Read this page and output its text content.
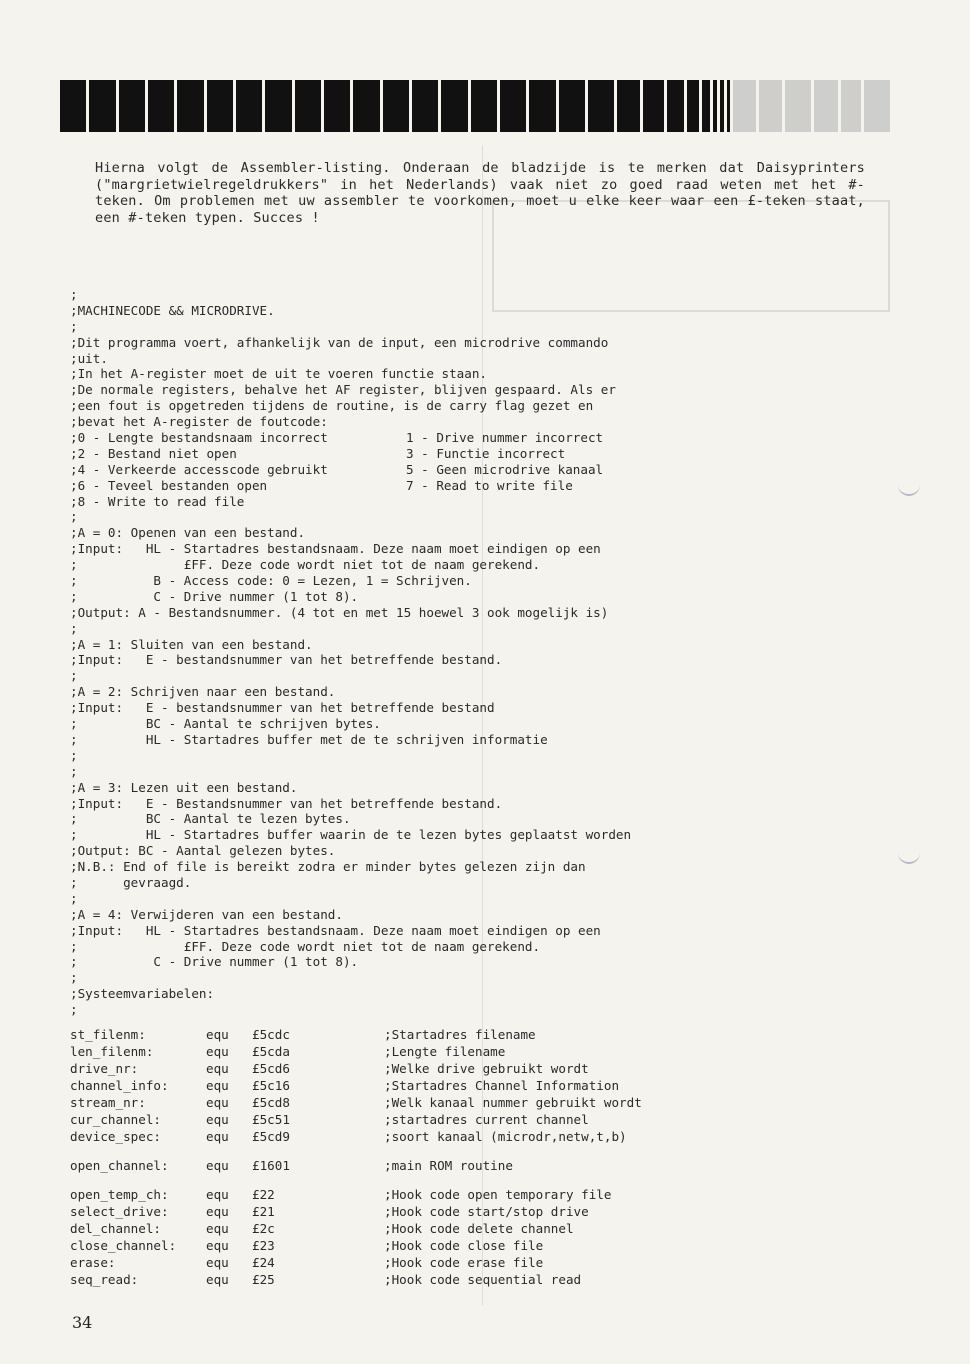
Hierna volgt de Assembler-listing. Onderaan de bladzijde is te merken dat Daisyprinters ("margrietwielregeldrukkers" in het Nederlands) vaak niet zo goed raad weten met het #-teken. Om problemen met uw assembler te voorkomen, moet u elke keer waar een £-teken staat, een #-teken typen. Succes !

;
;MACHINECODE && MICRODRIVE.
;
;Dit programma voert, afhankelijk van de input, een microdrive commando
;uit.
;In het A-register moet de uit te voeren functie staan.
;De normale registers, behalve het AF register, blijven gespaard. Als er
;een fout is opgetreden tijdens de routine, is de carry flag gezet en
;bevat het A-register de foutcode:
;0 - Lengte bestandsnaam incorrect	1 - Drive nummer incorrect
;2 - Bestand niet open	3 - Functie incorrect
;4 - Verkeerde accesscode gebruikt	5 - Geen microdrive kanaal
;6 - Teveel bestanden open	7 - Read to write file
;8 - Write to read file
;
;A = 0: Openen van een bestand.
;Input:   HL - Startadres bestandsnaam. Deze naam moet eindigen op een
;              £FF. Deze code wordt niet tot de naam gerekend.
;          B - Access code: 0 = Lezen, 1 = Schrijven.
;          C - Drive nummer (1 tot 8).
;Output: A - Bestandsnummer. (4 tot en met 15 hoewel 3 ook mogelijk is)
;
;A = 1: Sluiten van een bestand.
;Input:   E - bestandsnummer van het betreffende bestand.
;
;A = 2: Schrijven naar een bestand.
;Input:   E - bestandsnummer van het betreffende bestand
;         BC - Aantal te schrijven bytes.
;         HL - Startadres buffer met de te schrijven informatie
;
;
;A = 3: Lezen uit een bestand.
;Input:   E - Bestandsnummer van het betreffende bestand.
;         BC - Aantal te lezen bytes.
;         HL - Startadres buffer waarin de te lezen bytes geplaatst worden
;Output: BC - Aantal gelezen bytes.
;N.B.: End of file is bereikt zodra er minder bytes gelezen zijn dan
;      gevraagd.
;
;A = 4: Verwijderen van een bestand.
;Input:   HL - Startadres bestandsnaam. Deze naam moet eindigen op een
;              £FF. Deze code wordt niet tot de naam gerekend.
;          C - Drive nummer (1 tot 8).
;
;Systeemvariabelen:
;
st_filenm:	equ £5cdc	;Startadres filename
len_filenm:	equ £5cda	;Lengte filename
drive_nr:	equ £5cd6	;Welke drive gebruikt wordt
channel_info:	equ £5c16	;Startadres Channel Information
stream_nr:	equ £5cd8	;Welk kanaal nummer gebruikt wordt
cur_channel:	equ £5c51	;startadres current channel
device_spec:	equ £5cd9	;soort kanaal (microdr,netw,t,b)
open_channel:	equ £1601	;main ROM routine
open_temp_ch:	equ £22	;Hook code open temporary file
select_drive:	equ £21	;Hook code start/stop drive
del_channel:	equ £2c	;Hook code delete channel
close_channel: equ £23	;Hook code close file
erase:	equ £24	;Hook code erase file
seq_read:	equ £25	;Hook code sequential read
34
